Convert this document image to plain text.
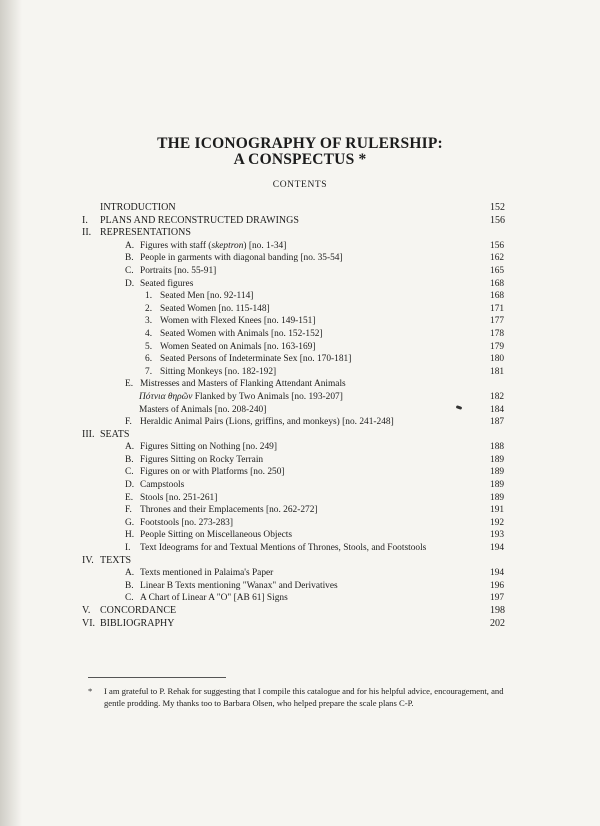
THE ICONOGRAPHY OF RULERSHIP:
A CONSPECTUS *
CONTENTS
INTRODUCTION	152
I.	PLANS AND RECONSTRUCTED DRAWINGS	156
II. REPRESENTATIONS
A. Figures with staff (skeptron) [no. 1-34]	156
B. People in garments with diagonal banding [no. 35-54]	162
C. Portraits [no. 55-91]	165
D. Seated figures	168
1. Seated Men [no. 92-114]	168
2. Seated Women [no. 115-148]	171
3. Women with Flexed Knees [no. 149-151]	177
4. Seated Women with Animals [no. 152-152]	178
5. Women Seated on Animals [no. 163-169]	179
6. Seated Persons of Indeterminate Sex [no. 170-181]	180
7. Sitting Monkeys [no. 182-192]	181
E. Mistresses and Masters of Flanking Attendant Animals
Πότνια θηρῶν Flanked by Two Animals [no. 193-207]	182
Masters of Animals [no. 208-240]	184
F. Heraldic Animal Pairs (Lions, griffins, and monkeys) [no. 241-248]	187
III. SEATS
A. Figures Sitting on Nothing [no. 249]	188
B. Figures Sitting on Rocky Terrain	189
C. Figures on or with Platforms [no. 250]	189
D. Campstools	189
E. Stools [no. 251-261]	189
F. Thrones and their Emplacements [no. 262-272]	191
G. Footstools [no. 273-283]	192
H. People Sitting on Miscellaneous Objects	193
I. Text Ideograms for and Textual Mentions of Thrones, Stools, and Footstools	194
IV. TEXTS
A. Texts mentioned in Palaima's Paper	194
B. Linear B Texts mentioning "Wanax" and Derivatives	196
C. A Chart of Linear A "O" [AB 61] Signs	197
V. CONCORDANCE	198
VI. BIBLIOGRAPHY	202
* I am grateful to P. Rehak for suggesting that I compile this catalogue and for his helpful advice, encouragement, and gentle prodding. My thanks too to Barbara Olsen, who helped prepare the scale plans C-P.
